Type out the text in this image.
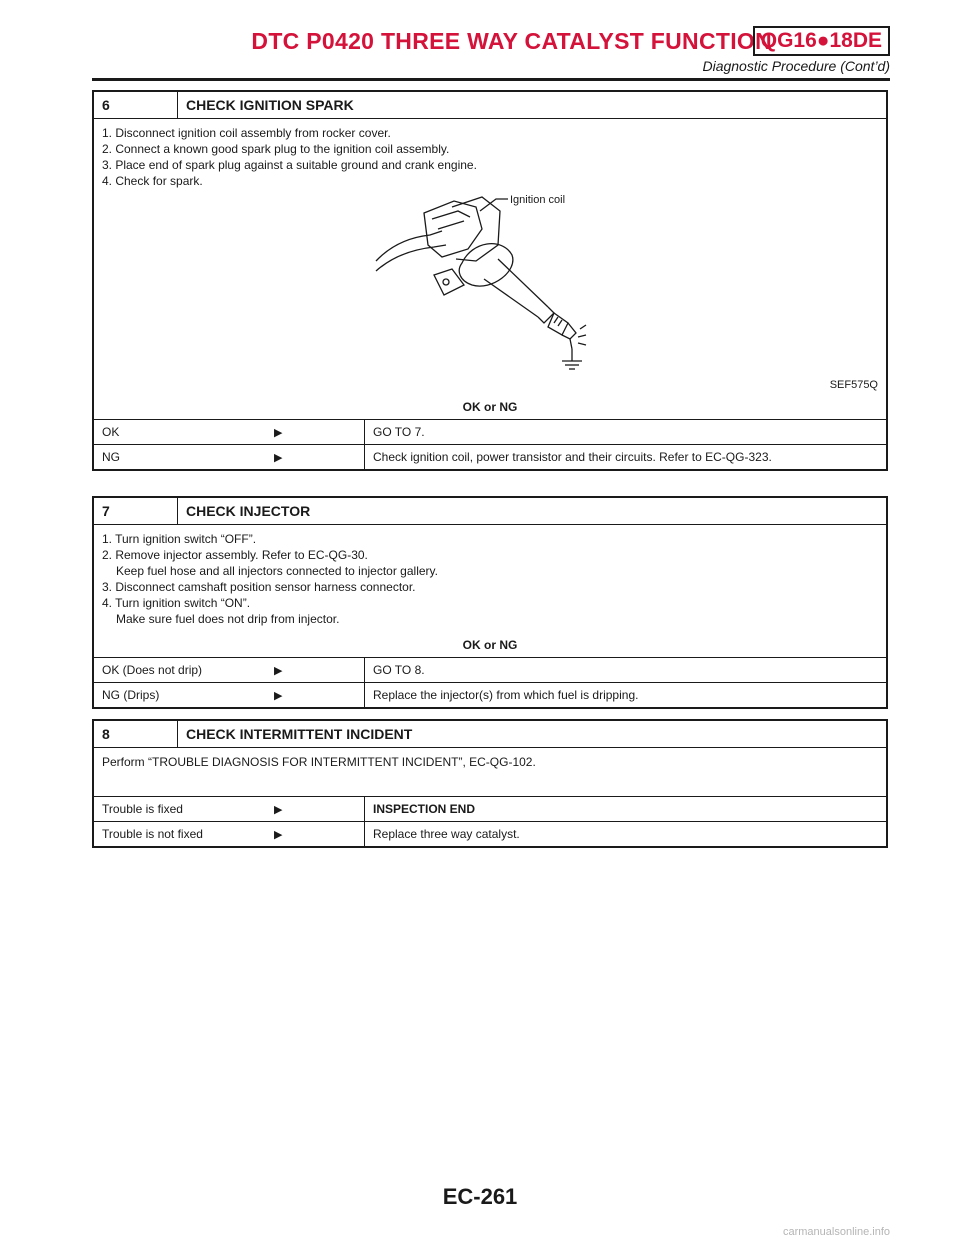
DTC P0420 THREE WAY CATALYST FUNCTION
QG16●18DE
Diagnostic Procedure (Cont’d)
6	CHECK IGNITION SPARK
1. Disconnect ignition coil assembly from rocker cover.
2. Connect a known good spark plug to the ignition coil assembly.
3. Place end of spark plug against a suitable ground and crank engine.
4. Check for spark.
Ignition coil
SEF575Q
OK or NG
OK	▶	GO TO 7.
NG	▶	Check ignition coil, power transistor and their circuits. Refer to EC-QG-323.
7	CHECK INJECTOR
1. Turn ignition switch “OFF”.
2. Remove injector assembly. Refer to EC-QG-30.
Keep fuel hose and all injectors connected to injector gallery.
3. Disconnect camshaft position sensor harness connector.
4. Turn ignition switch “ON”.
Make sure fuel does not drip from injector.
OK or NG
OK (Does not drip)	▶	GO TO 8.
NG (Drips)	▶	Replace the injector(s) from which fuel is dripping.
8	CHECK INTERMITTENT INCIDENT
Perform “TROUBLE DIAGNOSIS FOR INTERMITTENT INCIDENT”, EC-QG-102.
Trouble is fixed	▶	INSPECTION END
Trouble is not fixed	▶	Replace three way catalyst.
EC-261
carmanualsonline.info
